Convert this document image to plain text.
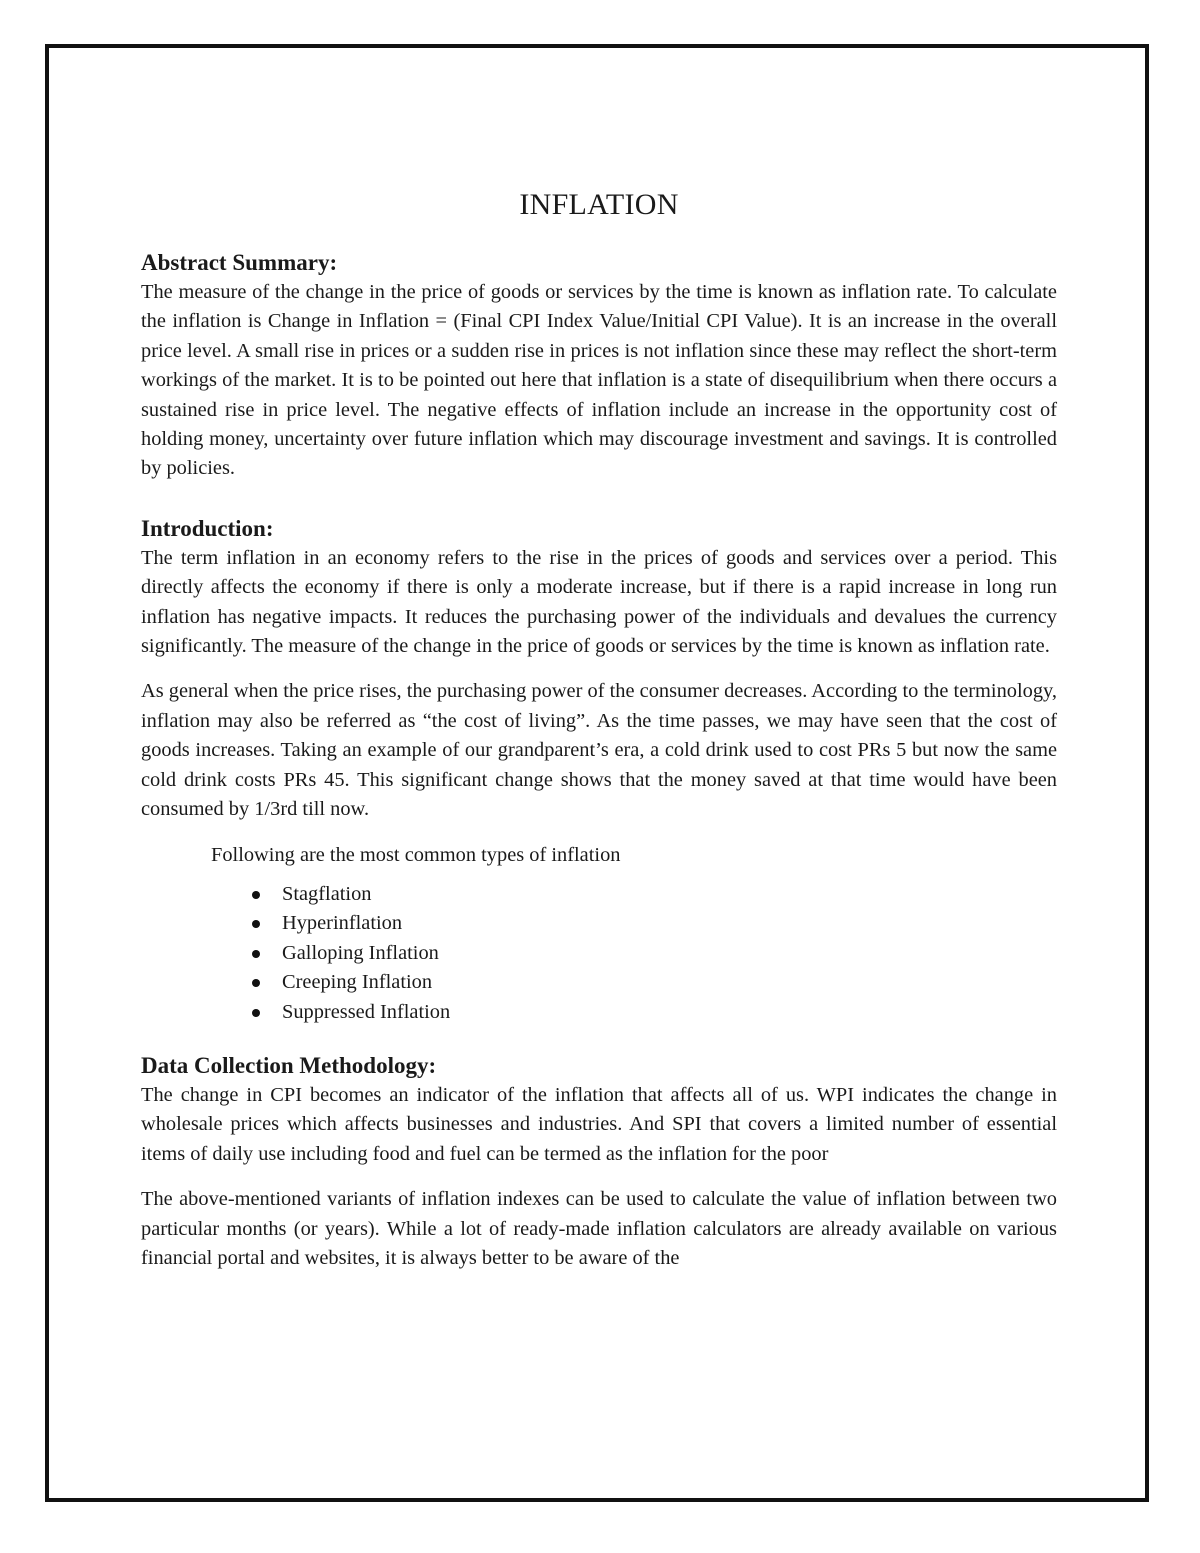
INFLATION
Abstract Summary:

The measure of the change in the price of goods or services by the time is known as inflation rate. To calculate the inflation is Change in Inflation = (Final CPI Index Value/Initial CPI Value). It is an increase in the overall price level. A small rise in prices or a sudden rise in prices is not inflation since these may reflect the short-term workings of the market. It is to be pointed out here that inflation is a state of disequilibrium when there occurs a sustained rise in price level. The negative effects of inflation include an increase in the opportunity cost of holding money, uncertainty over future inflation which may discourage investment and savings. It is controlled by policies.

Introduction:

The term inflation in an economy refers to the rise in the prices of goods and services over a period. This directly affects the economy if there is only a moderate increase, but if there is a rapid increase in long run inflation has negative impacts. It reduces the purchasing power of the individuals and devalues the currency significantly. The measure of the change in the price of goods or services by the time is known as inflation rate.

As general when the price rises, the purchasing power of the consumer decreases. According to the terminology, inflation may also be referred as “the cost of living”. As the time passes, we may have seen that the cost of goods increases. Taking an example of our grandparent’s era, a cold drink used to cost PRs 5 but now the same cold drink costs PRs 45. This significant change shows that the money saved at that time would have been consumed by 1/3rd till now.

Following are the most common types of inflation

Stagflation
Hyperinflation
Galloping Inflation
Creeping Inflation
Suppressed Inflation
Data Collection Methodology:

The change in CPI becomes an indicator of the inflation that affects all of us. WPI indicates the change in wholesale prices which affects businesses and industries. And SPI that covers a limited number of essential items of daily use including food and fuel can be termed as the inflation for the poor

The above-mentioned variants of inflation indexes can be used to calculate the value of inflation between two particular months (or years). While a lot of ready-made inflation calculators are already available on various financial portal and websites, it is always better to be aware of the
